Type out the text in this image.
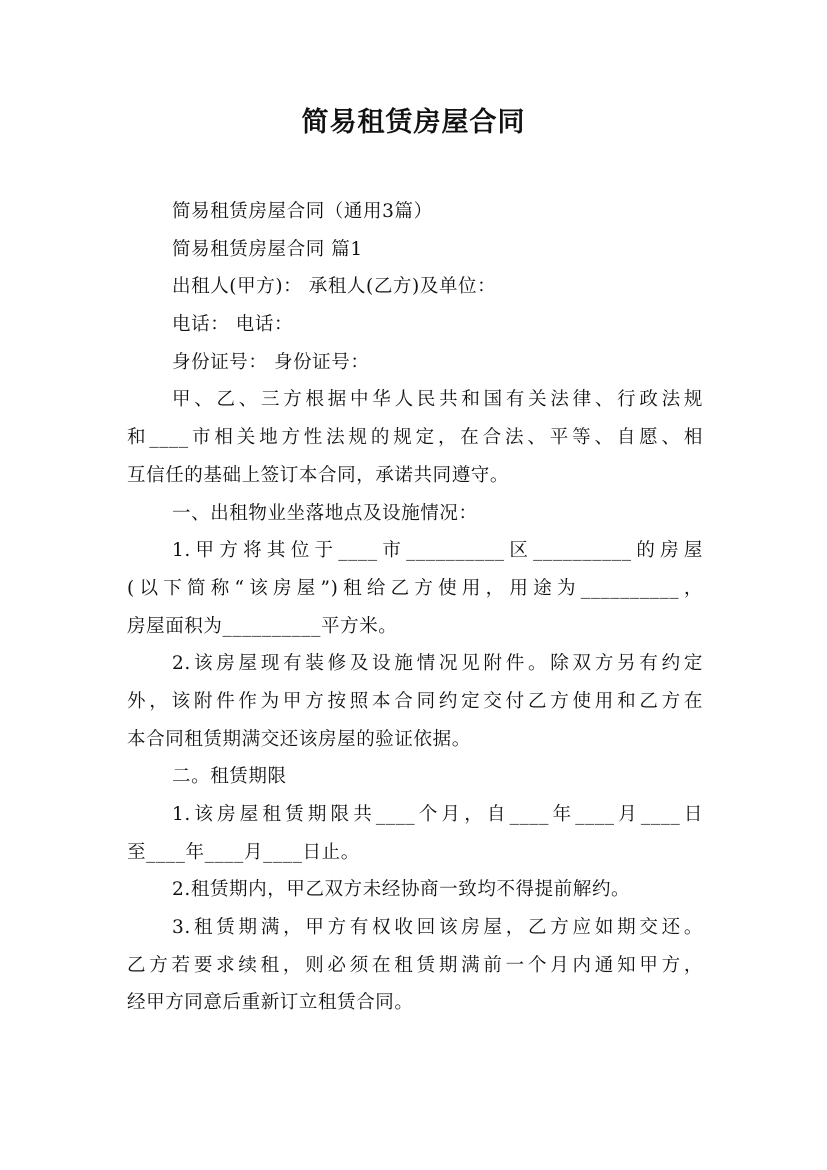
简易租赁房屋合同
简易租赁房屋合同（通用3篇）
简易租赁房屋合同 篇1
出租人(甲方)： 承租人(乙方)及单位：
电话： 电话：
身份证号： 身份证号：
甲、乙、三方根据中华人民共和国有关法律、行政法规
和____市相关地方性法规的规定，在合法、平等、自愿、相
互信任的基础上签订本合同，承诺共同遵守。
一、出租物业坐落地点及设施情况：
1.甲方将其位于____市__________区__________的房屋
(以下简称“该房屋”)租给乙方使用，用途为__________，
房屋面积为__________平方米。
2.该房屋现有装修及设施情况见附件。除双方另有约定
外，该附件作为甲方按照本合同约定交付乙方使用和乙方在
本合同租赁期满交还该房屋的验证依据。
二。租赁期限
1.该房屋租赁期限共____个月，自____年____月____日
至____年____月____日止。
2.租赁期内，甲乙双方未经协商一致均不得提前解约。
3.租赁期满，甲方有权收回该房屋，乙方应如期交还。
乙方若要求续租，则必须在租赁期满前一个月内通知甲方，
经甲方同意后重新订立租赁合同。
